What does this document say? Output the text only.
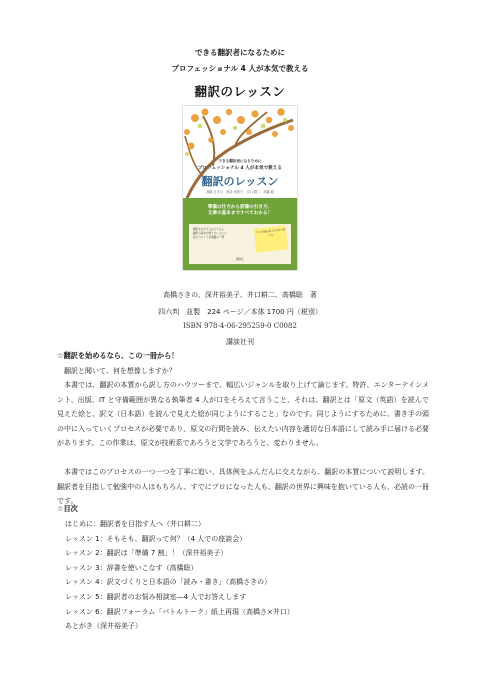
できる翻訳者になるために
プロフェッショナル 4 人が本気で教える
翻訳のレッスン
できる翻訳者になるために
プロフェッショナル 4 人が本気で教える
翻訳のレッスン
高橋 さきの　深井 裕美子　井口 耕二　高橋 聡
準備の仕方から辞書の引き方、
文章の基本まですべてわかる！
翻訳をめざす人はもちろん
翻訳の基本が知りたい人にも
役立つヒントが満載の一冊
プロの翻訳者が本気で教える
講談社
高橋さきの、深井裕美子、井口耕二、高橋聡　著
四六判　並製　224 ページ／本体 1700 円（税別）
ISBN 978-4-06-295259-0 C0082
講談社刊
☆翻訳を始めるなら、この一冊から！
　翻訳と聞いて、何を想像しますか？
　本書では、翻訳の本質から訳し方のハウツーまで、幅広いジャンルを取り上げて論じます。特許、エンターテインメント、出版、IT と守備範囲が異なる執筆者 4 人が口をそろえて言うこと、それは、翻訳とは「原文（英語）を読んで見えた絵と、訳文（日本語）を読んで見えた絵が同じようにすること」なのです。同じようにするために、書き手の頭の中に入っていくプロセスが必要であり、原文の行間を読み、伝えたい内容を適切な日本語にして読み手に届ける必要があります。この作業は、原文が技術系であろうと文学であろうと、変わりません。
　本書ではこのプロセスの一つ一つを丁寧に追い、具体例をふんだんに交えながら、翻訳の本質について説明します。翻訳者を目指して勉強中の人はもちろん、すでにプロになった人も、翻訳の世界に興味を抱いている人も、必読の一冊です。
☆目次
はじめに：翻訳者を目指す人へ（井口耕二）
レッスン 1：そもそも、翻訳って何？（4 人での座談会）
レッスン 2：翻訳は「準備 7 割」！（深井裕美子）
レッスン 3：辞書を使いこなす（高橋聡）
レッスン 4：訳文づくりと日本語の「読み・書き」（高橋さきの）
レッスン 5：翻訳者のお悩み相談室―4 人でお答えします
レッスン 6：翻訳フォーラム「バトルトーク」紙上再現（高橋さ×井口）
あとがき（深井裕美子）
